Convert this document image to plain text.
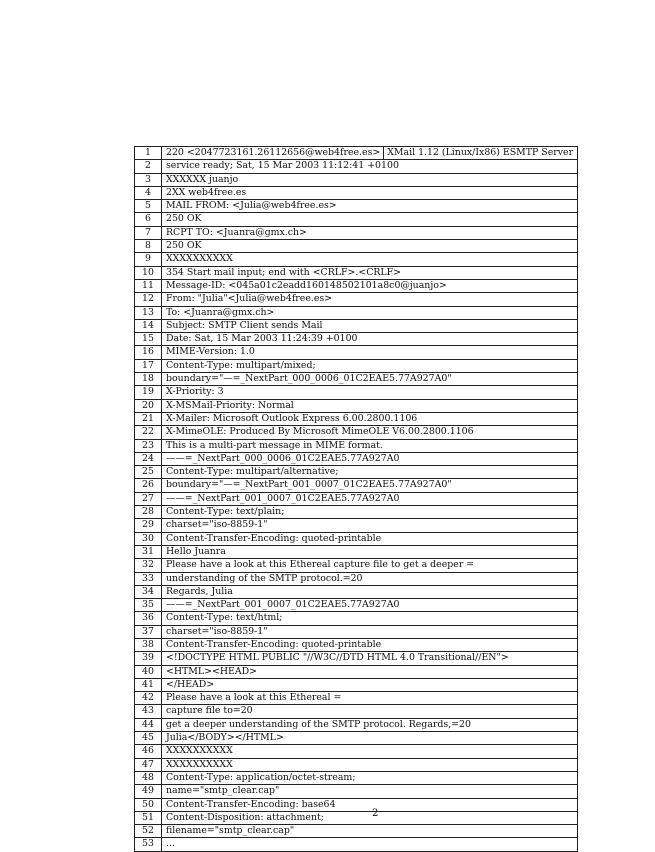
1	220 <2047723161.26112656@web4free.es> XMail 1.12 (Linux/Ix86) ESMTP Server
2	service ready; Sat, 15 Mar 2003 11:12:41 +0100
3	XXXXXX juanjo
4	2XX web4free.es
5	MAIL FROM: <Julia@web4free.es>
6	250 OK
7	RCPT TO: <Juanra@gmx.ch>
8	250 OK
9	XXXXXXXXXX
10	354 Start mail input; end with <CRLF>.<CRLF>
11	Message-ID: <045a01c2eadd160148502101a8c0@juanjo>
12	From: "Julia"<Julia@web4free.es>
13	To: <Juanra@gmx.ch>
14	Subject: SMTP Client sends Mail
15	Date: Sat, 15 Mar 2003 11:24:39 +0100
16	MIME-Version: 1.0
17	Content-Type: multipart/mixed;
18	boundary="—=_NextPart_000_0006_01C2EAE5.77A927A0"
19	X-Priority: 3
20	X-MSMail-Priority: Normal
21	X-Mailer: Microsoft Outlook Express 6.00.2800.1106
22	X-MimeOLE: Produced By Microsoft MimeOLE V6.00.2800.1106
23	This is a multi-part message in MIME format.
24	——=_NextPart_000_0006_01C2EAE5.77A927A0
25	Content-Type: multipart/alternative;
26	boundary="—=_NextPart_001_0007_01C2EAE5.77A927A0"
27	——=_NextPart_001_0007_01C2EAE5.77A927A0
28	Content-Type: text/plain;
29	charset="iso-8859-1"
30	Content-Transfer-Encoding: quoted-printable
31	Hello Juanra
32	Please have a look at this Ethereal capture file to get a deeper =
33	understanding of the SMTP protocol.=20
34	Regards, Julia
35	——=_NextPart_001_0007_01C2EAE5.77A927A0
36	Content-Type: text/html;
37	charset="iso-8859-1"
38	Content-Transfer-Encoding: quoted-printable
39	<!DOCTYPE HTML PUBLIC "//W3C//DTD HTML 4.0 Transitional//EN">
40	<HTML><HEAD>
41	</HEAD>
42	Please have a look at this Ethereal =
43	capture file to=20
44	get a deeper understanding of the SMTP protocol. Regards,=20
45	Julia</BODY></HTML>
46	XXXXXXXXXX
47	XXXXXXXXXX
48	Content-Type: application/octet-stream;
49	name="smtp_clear.cap"
50	Content-Transfer-Encoding: base64
51	Content-Disposition: attachment;
52	filename="smtp_clear.cap"
53	...
2
